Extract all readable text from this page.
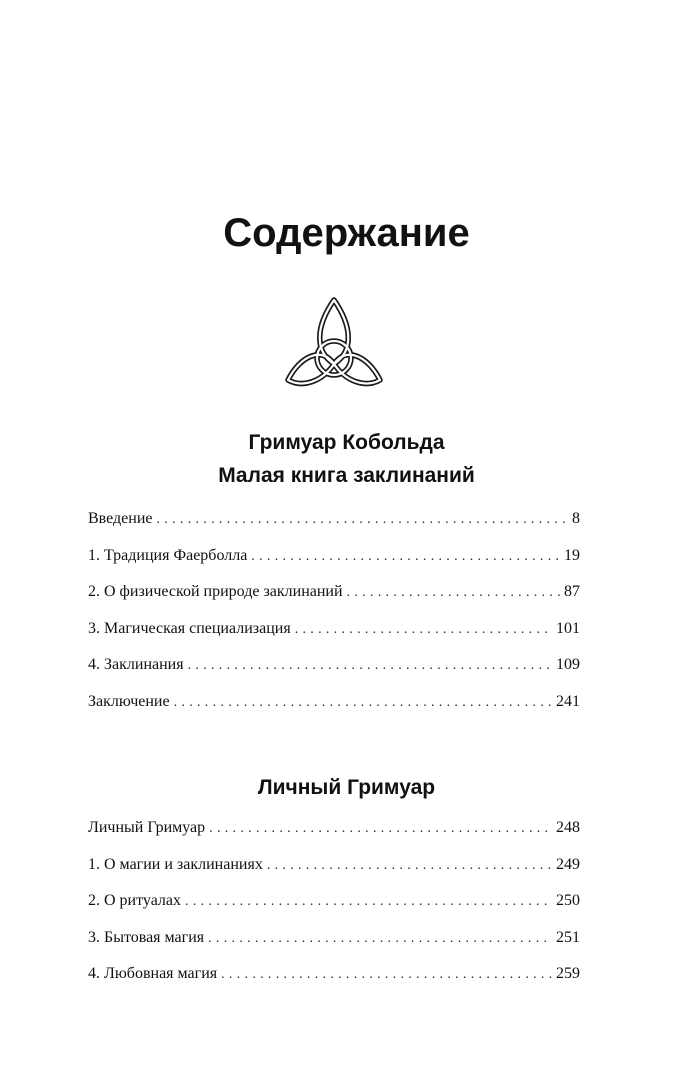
Содержание
Гримуар Кобольда
Малая книга заклинаний
Введение .....	8
1. Традиция Фаерболла .....	19
2. О физической природе заклинаний .....	87
3. Магическая специализация .....	101
4. Заклинания .....	109
Заключение .....	241
Личный Гримуар
Личный Гримуар .....	248
1. О магии и заклинаниях .....	249
2. О ритуалах .....	250
3. Бытовая магия .....	251
4. Любовная магия .....	259
